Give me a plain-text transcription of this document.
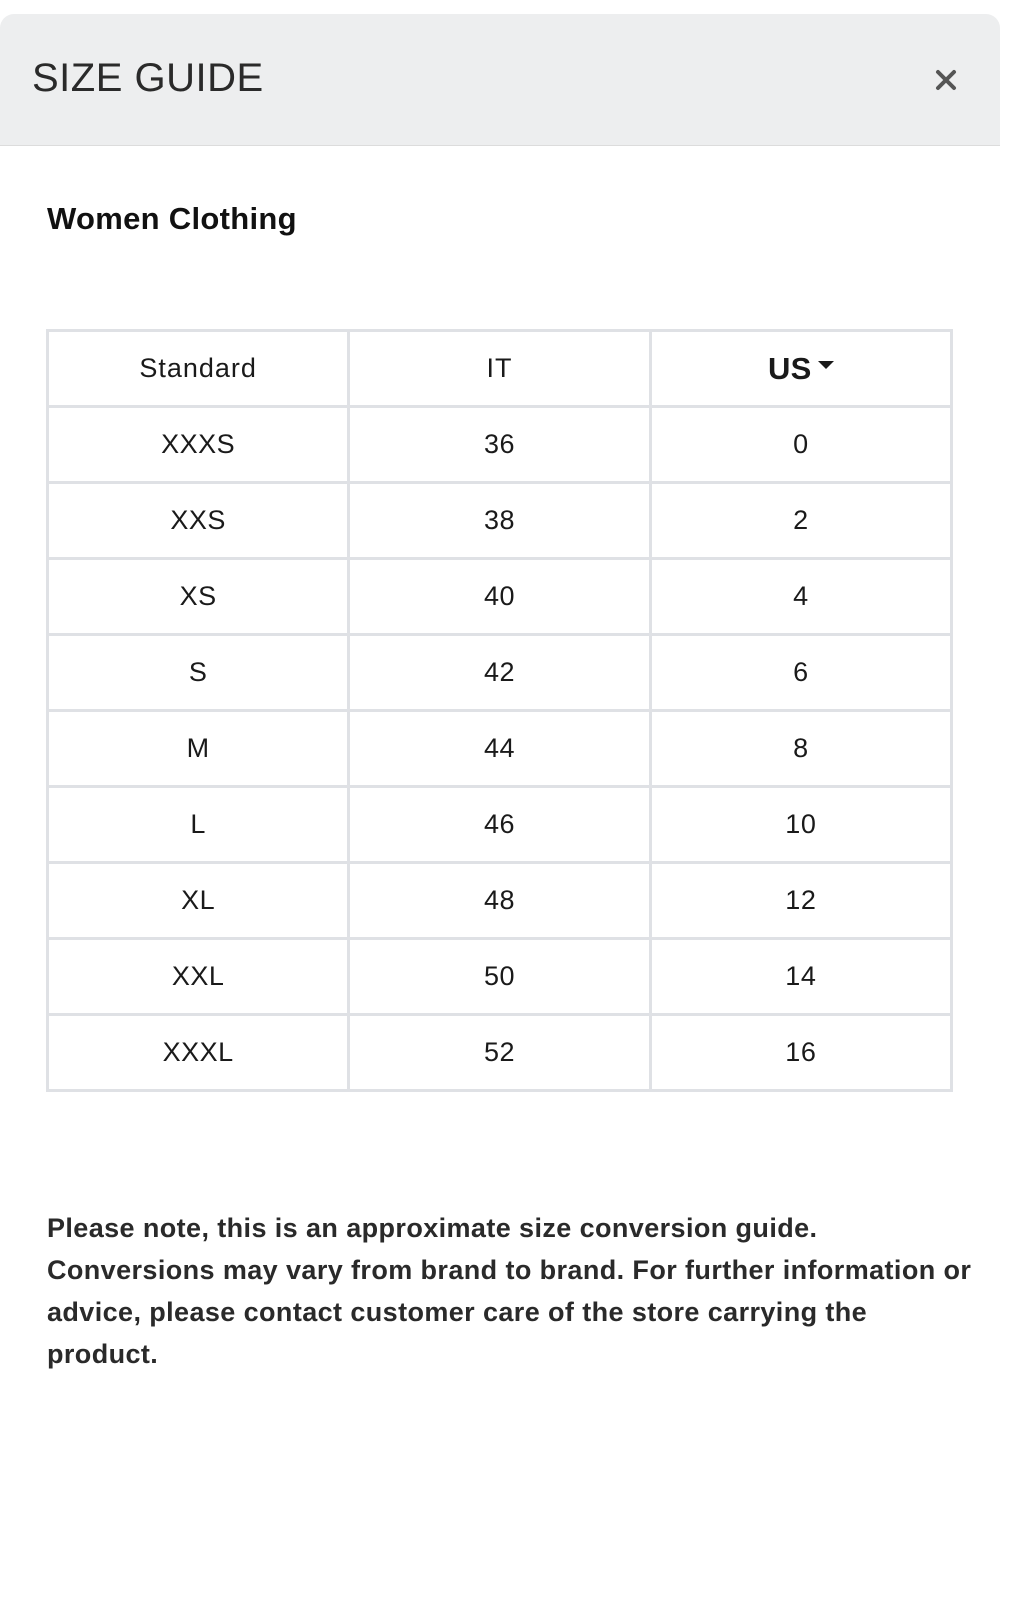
SIZE GUIDE
Women Clothing
Standard	IT	US

XXXS	36	0
XXS	38	2
XS	40	4
S	42	6
M	44	8
L	46	10
XL	48	12
XXL	50	14
XXXL	52	16

Please note, this is an approximate size conversion guide. Conversions may vary from brand to brand. For further information or advice, please contact customer care of the store carrying the product.
